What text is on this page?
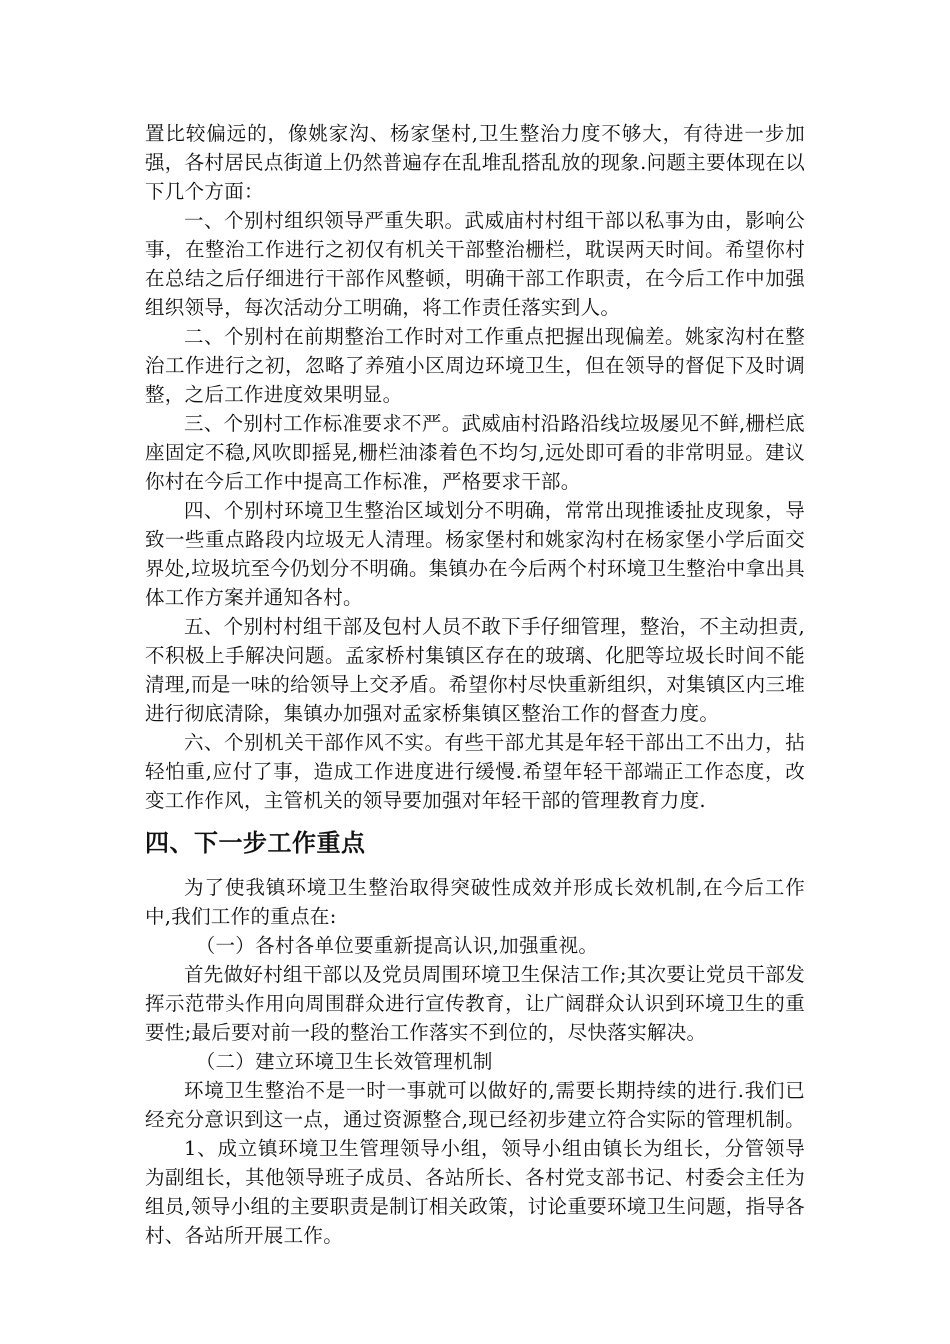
置比较偏远的，像姚家沟、杨家堡村,卫生整治力度不够大，有待进一步加强，各村居民点街道上仍然普遍存在乱堆乱搭乱放的现象.问题主要体现在以下几个方面：

一、个别村组织领导严重失职。武威庙村村组干部以私事为由，影响公事，在整治工作进行之初仅有机关干部整治栅栏，耽误两天时间。希望你村在总结之后仔细进行干部作风整顿，明确干部工作职责，在今后工作中加强组织领导，每次活动分工明确，将工作责任落实到人。

二、个别村在前期整治工作时对工作重点把握出现偏差。姚家沟村在整治工作进行之初，忽略了养殖小区周边环境卫生，但在领导的督促下及时调整，之后工作进度效果明显。

三、个别村工作标准要求不严。武威庙村沿路沿线垃圾屡见不鲜,栅栏底座固定不稳,风吹即摇晃,栅栏油漆着色不均匀,远处即可看的非常明显。建议你村在今后工作中提高工作标准，严格要求干部。

四、个别村环境卫生整治区域划分不明确，常常出现推诿扯皮现象，导致一些重点路段内垃圾无人清理。杨家堡村和姚家沟村在杨家堡小学后面交界处,垃圾坑至今仍划分不明确。集镇办在今后两个村环境卫生整治中拿出具体工作方案并通知各村。

五、个别村村组干部及包村人员不敢下手仔细管理，整治，不主动担责,不积极上手解决问题。孟家桥村集镇区存在的玻璃、化肥等垃圾长时间不能清理,而是一味的给领导上交矛盾。希望你村尽快重新组织，对集镇区内三堆进行彻底清除，集镇办加强对孟家桥集镇区整治工作的督查力度。

六、个别机关干部作风不实。有些干部尤其是年轻干部出工不出力，拈轻怕重,应付了事，造成工作进度进行缓慢.希望年轻干部端正工作态度，改变工作作风，主管机关的领导要加强对年轻干部的管理教育力度.

四、下一步工作重点

为了使我镇环境卫生整治取得突破性成效并形成长效机制,在今后工作中,我们工作的重点在:

（一）各村各单位要重新提高认识,加强重视。

首先做好村组干部以及党员周围环境卫生保洁工作;其次要让党员干部发挥示范带头作用向周围群众进行宣传教育，让广阔群众认识到环境卫生的重要性;最后要对前一段的整治工作落实不到位的，尽快落实解决。

（二）建立环境卫生长效管理机制

环境卫生整治不是一时一事就可以做好的,需要长期持续的进行.我们已经充分意识到这一点，通过资源整合,现已经初步建立符合实际的管理机制。

1、成立镇环境卫生管理领导小组，领导小组由镇长为组长，分管领导为副组长，其他领导班子成员、各站所长、各村党支部书记、村委会主任为组员,领导小组的主要职责是制订相关政策，讨论重要环境卫生问题，指导各村、各站所开展工作。
